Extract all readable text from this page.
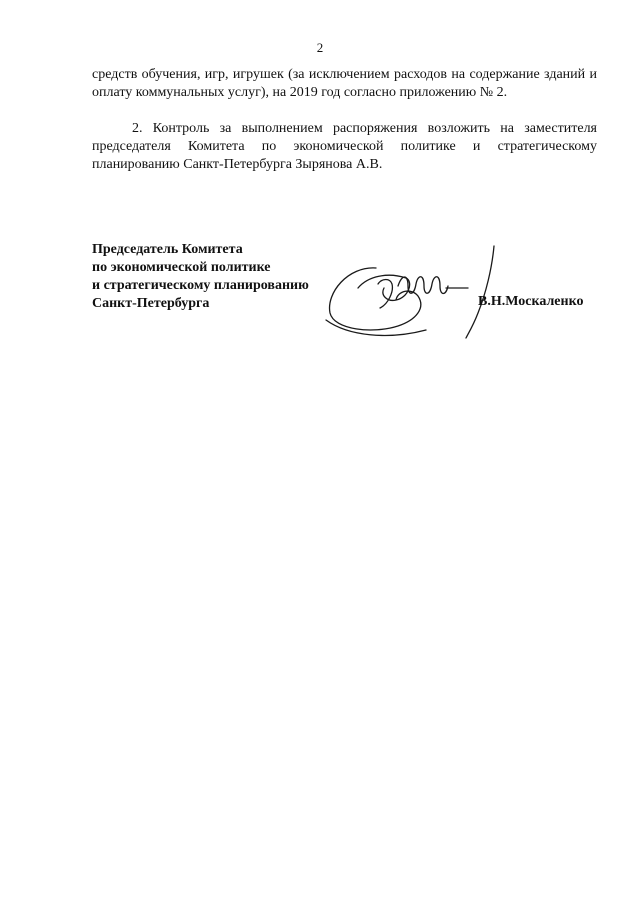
2
средств обучения, игр, игрушек (за исключением расходов на содержание зданий и оплату коммунальных услуг), на 2019 год согласно приложению № 2.
2. Контроль за выполнением распоряжения возложить на заместителя председателя Комитета по экономической политике и стратегическому планированию Санкт-Петербурга Зырянова А.В.
Председатель Комитета
по экономической политике
и стратегическому планированию
Санкт-Петербурга	В.Н.Москаленко
